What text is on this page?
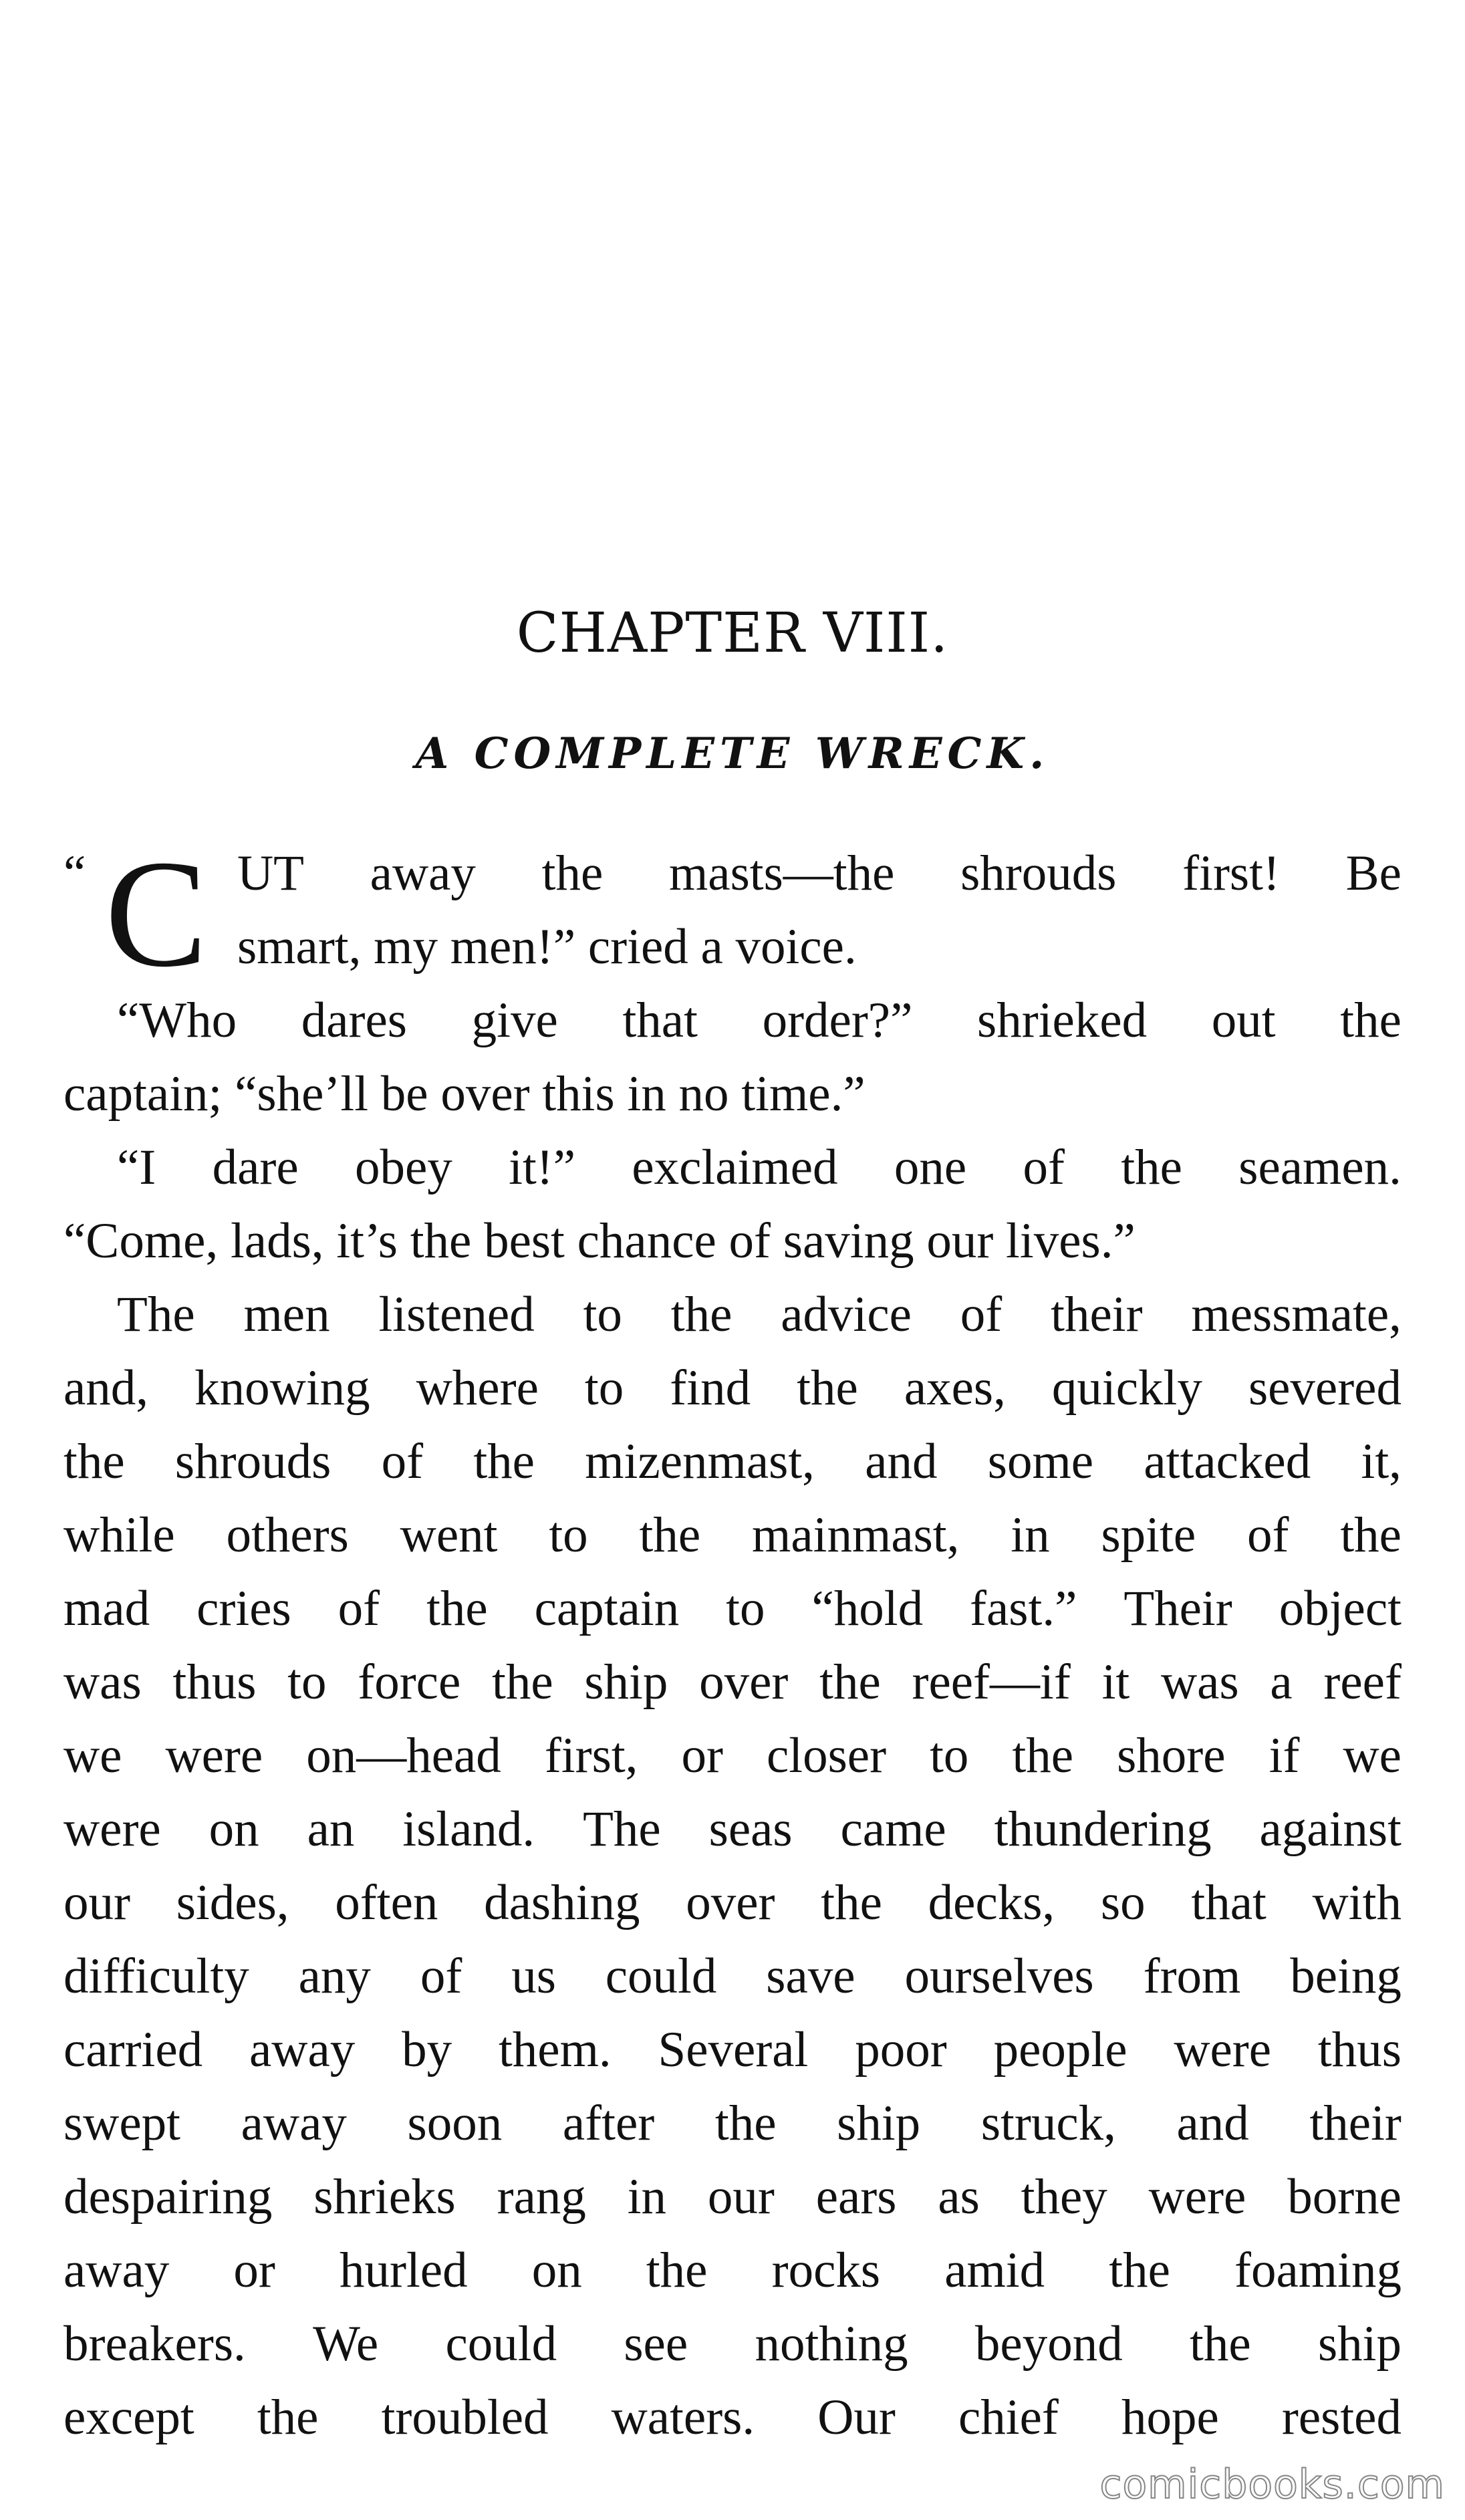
CHAPTER VIII.
A COMPLETE WRECK.
“ C UT away the masts—the shrouds first! Be
smart, my men!” cried a voice.
“Who dares give that order?” shrieked out the
captain; “she’ll be over this in no time.”
“I dare obey it!” exclaimed one of the seamen.
“Come, lads, it’s the best chance of saving our lives.”
The men listened to the advice of their messmate,
and, knowing where to find the axes, quickly severed
the shrouds of the mizenmast, and some attacked it,
while others went to the mainmast, in spite of the
mad cries of the captain to “hold fast.” Their object
was thus to force the ship over the reef—if it was a reef
we were on—head first, or closer to the shore if we
were on an island. The seas came thundering against
our sides, often dashing over the decks, so that with
difficulty any of us could save ourselves from being
carried away by them. Several poor people were thus
swept away soon after the ship struck, and their
despairing shrieks rang in our ears as they were borne
away or hurled on the rocks amid the foaming
breakers. We could see nothing beyond the ship
except the troubled waters. Our chief hope rested
comicbooks.com
